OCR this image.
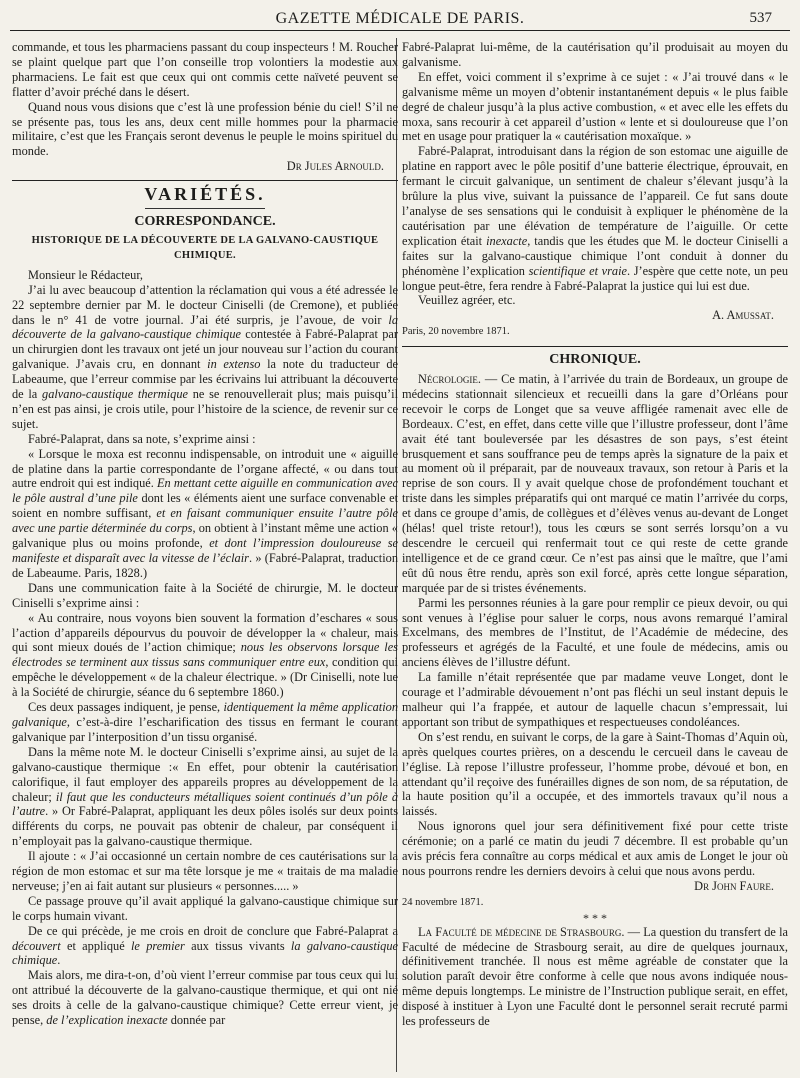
GAZETTE MÉDICALE DE PARIS.	537

commande, et tous les pharmaciens passant du coup inspecteurs ! M. Roucher se plaint quelque part que l’on conseille trop volontiers la modestie aux pharmaciens. Le fait est que ceux qui ont commis cette naïveté peuvent se flatter d’avoir préché dans le désert.

Quand nous vous disions que c’est là une profession bénie du ciel! S’il ne se présente pas, tous les ans, deux cent mille hommes pour la pharmacie militaire, c’est que les Français seront devenus le peuple le moins spirituel du monde.

Dr Jules Arnould.
VARIÉTÉS.
CORRESPONDANCE.
HISTORIQUE DE LA DÉCOUVERTE DE LA GALVANO-CAUSTIQUE CHIMIQUE.

Monsieur le Rédacteur,

J’ai lu avec beaucoup d’attention la réclamation qui vous a été adressée le 22 septembre dernier par M. le docteur Ciniselli (de Cremone), et publiée dans le n° 41 de votre journal. J’ai été surpris, je l’avoue, de voir la découverte de la galvano-caustique chimique contestée à Fabré-Palaprat par un chirurgien dont les travaux ont jeté un jour nouveau sur l’action du courant galvanique. J’avais cru, en donnant in extenso la note du traducteur de Labeaume, que l’erreur commise par les écrivains lui attribuant la découverte de la galvano-caustique thermique ne se renouvellerait plus; mais puisqu’il n’en est pas ainsi, je crois utile, pour l’histoire de la science, de revenir sur ce sujet.

Fabré-Palaprat, dans sa note, s’exprime ainsi :

« Lorsque le moxa est reconnu indispensable, on introduit une « aiguille de platine dans la partie correspondante de l’organe affecté, « ou dans tout autre endroit qui est indiqué. En mettant cette aiguille en communication avec le pôle austral d’une pile dont les « éléments aient une surface convenable et soient en nombre suffisant, et en faisant communiquer ensuite l’autre pôle avec une partie déterminée du corps, on obtient à l’instant même une action « galvanique plus ou moins profonde, et dont l’impression douloureuse se manifeste et disparaît avec la vitesse de l’éclair. » (Fabré-Palaprat, traduction de Labeaume. Paris, 1828.)

Dans une communication faite à la Société de chirurgie, M. le docteur Ciniselli s’exprime ainsi :

« Au contraire, nous voyons bien souvent la formation d’eschares « sous l’action d’appareils dépourvus du pouvoir de développer la « chaleur, mais qui sont mieux doués de l’action chimique; nous les observons lorsque les électrodes se terminent aux tissus sans communiquer entre eux, condition qui empêche le développement « de la chaleur électrique. » (Dr Ciniselli, note lue à la Société de chirurgie, séance du 6 septembre 1860.)

Ces deux passages indiquent, je pense, identiquement la même application galvanique, c’est-à-dire l’escharification des tissus en fermant le courant galvanique par l’interposition d’un tissu organisé.

Dans la même note M. le docteur Ciniselli s’exprime ainsi, au sujet de la galvano-caustique thermique :« En effet, pour obtenir la cautérisation calorifique, il faut employer des appareils propres au développement de la chaleur; il faut que les conducteurs métalliques soient continués d’un pôle à l’autre. » Or Fabré-Palaprat, appliquant les deux pôles isolés sur deux points différents du corps, ne pouvait pas obtenir de chaleur, par conséquent il n’employait pas la galvano-caustique thermique.

Il ajoute : « J’ai occasionné un certain nombre de ces cautérisations sur la région de mon estomac et sur ma tête lorsque je me « traitais de ma maladie nerveuse; j’en ai fait autant sur plusieurs « personnes..... »

Ce passage prouve qu’il avait appliqué la galvano-caustique chimique sur le corps humain vivant.

De ce qui précède, je me crois en droit de conclure que Fabré-Palaprat a découvert et appliqué le premier aux tissus vivants la galvano-caustique chimique.

Mais alors, me dira-t-on, d’où vient l’erreur commise par tous ceux qui lui ont attribué la découverte de la galvano-caustique thermique, et qui ont nié ses droits à celle de la galvano-caustique chimique? Cette erreur vient, je pense, de l’explication inexacte donnée par

Fabré-Palaprat lui-même, de la cautérisation qu’il produisait au moyen du galvanisme.

En effet, voici comment il s’exprime à ce sujet : « J’ai trouvé dans « le galvanisme même un moyen d’obtenir instantanément depuis « le plus faible degré de chaleur jusqu’à la plus active combustion, « et avec elle les effets du moxa, sans recourir à cet appareil d’ustion « lente et si douloureuse que l’on met en usage pour pratiquer la « cautérisation moxaïque. »

Fabré-Palaprat, introduisant dans la région de son estomac une aiguille de platine en rapport avec le pôle positif d’une batterie électrique, éprouvait, en fermant le circuit galvanique, un sentiment de chaleur s’élevant jusqu’à la brûlure la plus vive, suivant la puissance de l’appareil. Ce fut sans doute l’analyse de ses sensations qui le conduisit à expliquer le phénomène de la cautérisation par une élévation de température de l’aiguille. Or cette explication était inexacte, tandis que les études que M. le docteur Ciniselli a faites sur la galvano-caustique chimique l’ont conduit à donner du phénomène l’explication scientifique et vraie. J’espère que cette note, un peu longue peut-être, fera rendre à Fabré-Palaprat la justice qui lui est due.

Veuillez agréer, etc.

A. Amussat.
Paris, 20 novembre 1871.
CHRONIQUE.

Nécrologie. — Ce matin, à l’arrivée du train de Bordeaux, un groupe de médecins stationnait silencieux et recueilli dans la gare d’Orléans pour recevoir le corps de Longet que sa veuve affligée ramenait avec elle de Bordeaux. C’est, en effet, dans cette ville que l’illustre professeur, dont l’âme avait été tant bouleversée par les désastres de son pays, s’est éteint brusquement et sans souffrance peu de temps après la signature de la paix et au moment où il préparait, par de nouveaux travaux, son retour à Paris et la reprise de son cours. Il y avait quelque chose de profondément touchant et triste dans les simples préparatifs qui ont marqué ce matin l’arrivée du corps, et dans ce groupe d’amis, de collègues et d’élèves venus au-devant de Longet (hélas! quel triste retour!), tous les cœurs se sont serrés lorsqu’on a vu descendre le cercueil qui renfermait tout ce qui reste de cette grande intelligence et de ce grand cœur. Ce n’est pas ainsi que le maître, que l’ami eût dû nous être rendu, après son exil forcé, après cette longue séparation, marquée par de si tristes événements.

Parmi les personnes réunies à la gare pour remplir ce pieux devoir, ou qui sont venues à l’église pour saluer le corps, nous avons remarqué l’amiral Excelmans, des membres de l’Institut, de l’Académie de médecine, des professeurs et agrégés de la Faculté, et une foule de médecins, amis ou anciens élèves de l’illustre défunt.

La famille n’était représentée que par madame veuve Longet, dont le courage et l’admirable dévouement n’ont pas fléchi un seul instant depuis le malheur qui l’a frappée, et autour de laquelle chacun s’empressait, lui apportant son tribut de sympathiques et respectueuses condoléances.

On s’est rendu, en suivant le corps, de la gare à Saint-Thomas d’Aquin où, après quelques courtes prières, on a descendu le cercueil dans le caveau de l’église. Là repose l’illustre professeur, l’homme probe, dévoué et bon, en attendant qu’il reçoive des funérailles dignes de son nom, de sa réputation, de la haute position qu’il a occupée, et des immortels travaux qu’il nous a laissés.

Nous ignorons quel jour sera définitivement fixé pour cette triste cérémonie; on a parlé ce matin du jeudi 7 décembre. Il est probable qu’un avis précis fera connaître au corps médical et aux amis de Longet le jour où nous pourrons rendre les derniers devoirs à celui que nous avons perdu.

Dr John Faure.
24 novembre 1871.
* * *

La Faculté de médecine de Strasbourg. — La question du transfert de la Faculté de médecine de Strasbourg serait, au dire de quelques journaux, définitivement tranchée. Il nous est même agréable de constater que la solution paraît devoir être conforme à celle que nous avons indiquée nous-même depuis longtemps. Le ministre de l’Instruction publique serait, en effet, disposé à instituer à Lyon une Faculté dont le personnel serait recruté parmi les professeurs de
